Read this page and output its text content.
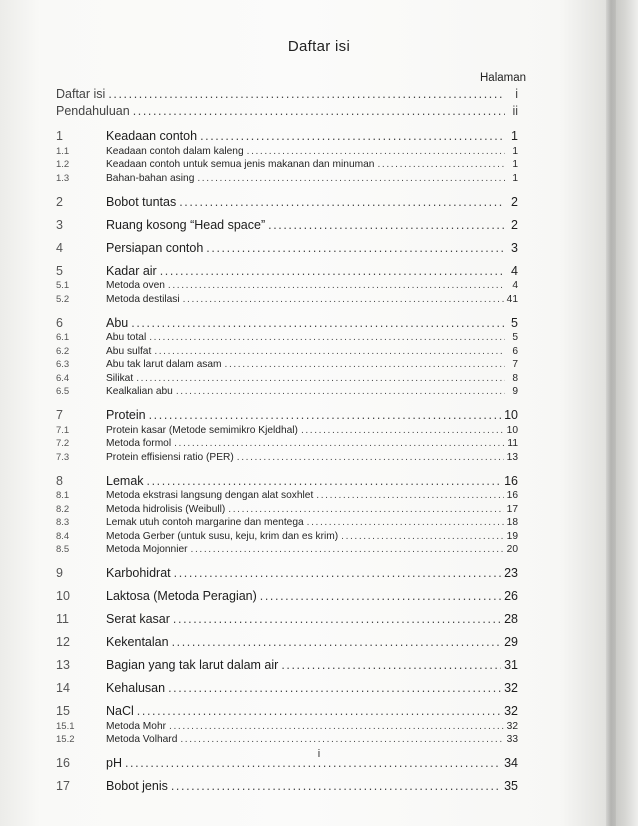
Daftar isi
Halaman
Daftar isi .....	i
Pendahuluan .....	ii
1	Keadaan contoh .....	1
1.1	Keadaan contoh dalam kaleng .....	1
1.2	Keadaan contoh untuk semua jenis makanan dan minuman .....	1
1.3	Bahan-bahan asing .....	1
2	Bobot tuntas .....	2
3	Ruang kosong “Head space” .....	2
4	Persiapan contoh .....	3
5	Kadar air .....	4
5.1	Metoda oven .....	4
5.2	Metoda destilasi .....	41
6	Abu .....	5
6.1	Abu total .....	5
6.2	Abu sulfat .....	6
6.3	Abu tak larut dalam asam .....	7
6.4	Silikat .....	8
6.5	Kealkalian abu .....	9
7	Protein .....	10
7.1	Protein kasar (Metode semimikro Kjeldhal) .....	10
7.2	Metoda formol .....	11
7.3	Protein effisiensi ratio (PER) .....	13
8	Lemak .....	16
8.1	Metoda ekstrasi langsung dengan alat soxhlet .....	16
8.2	Metoda hidrolisis (Weibull) .....	17
8.3	Lemak utuh contoh margarine dan mentega .....	18
8.4	Metoda Gerber (untuk susu, keju, krim dan es krim) .....	19
8.5	Metoda Mojonnier .....	20
9	Karbohidrat .....	23
10	Laktosa (Metoda Peragian) .....	26
11	Serat kasar .....	28
12	Kekentalan .....	29
13	Bagian yang tak larut dalam air .....	31
14	Kehalusan .....	32
15	NaCl .....	32
15.1	Metoda Mohr .....	32
15.2	Metoda Volhard .....	33
16	pH .....	34
17	Bobot jenis .....	35
i
